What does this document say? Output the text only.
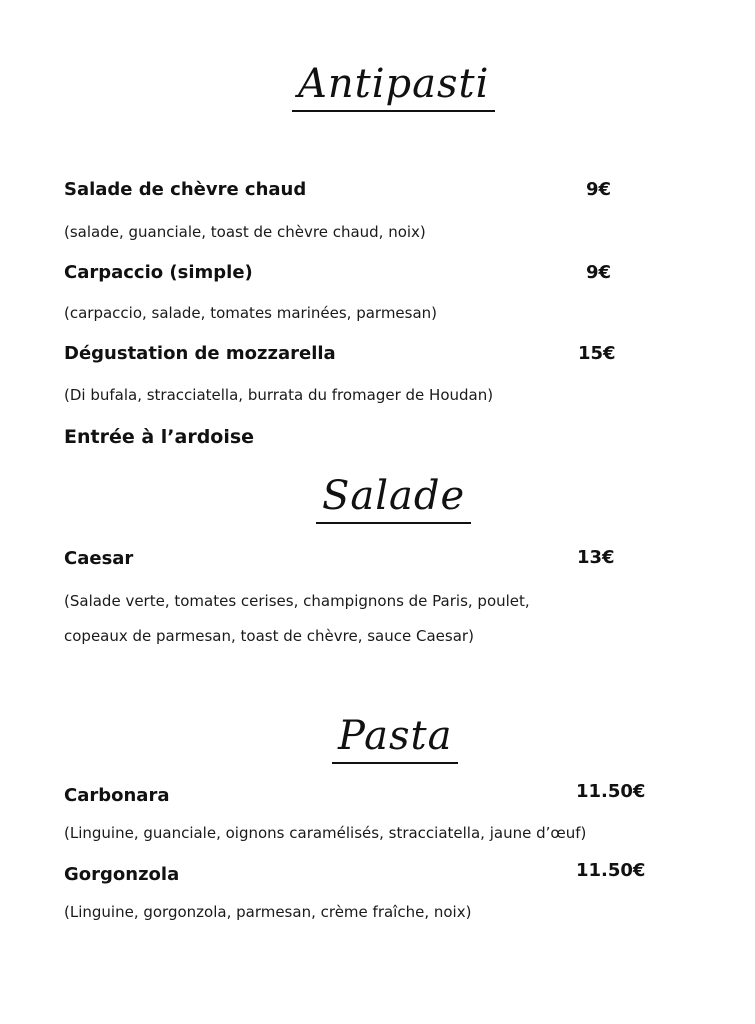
Antipasti
Salade de chèvre chaud	9€
(salade, guanciale, toast de chèvre chaud, noix)
Carpaccio (simple)	9€
(carpaccio, salade, tomates marinées, parmesan)
Dégustation de mozzarella	15€
(Di bufala, stracciatella, burrata du fromager de Houdan)
Entrée à l’ardoise
Salade
Caesar	13€
(Salade verte, tomates cerises, champignons de Paris, poulet,
copeaux de parmesan, toast de chèvre, sauce Caesar)
Pasta
Carbonara	11.50€
(Linguine, guanciale, oignons caramélisés, stracciatella, jaune d’œuf)
Gorgonzola	11.50€
(Linguine, gorgonzola, parmesan, crème fraîche, noix)
